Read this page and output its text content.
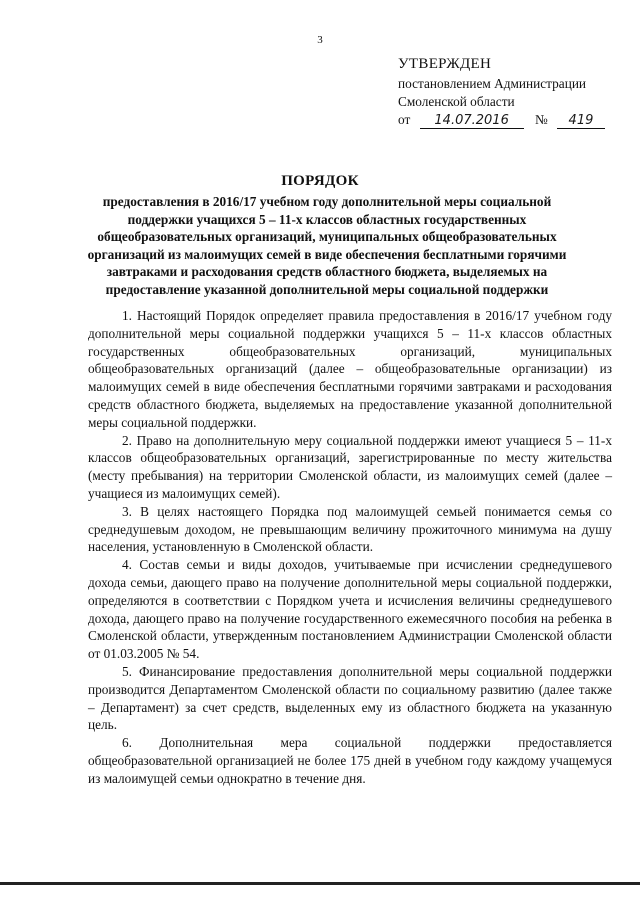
3
УТВЕРЖДЕН
постановлением Администрации
Смоленской области
от 14.07.2016 № 419
ПОРЯДОК
предоставления в 2016/17 учебном году дополнительной меры социальной поддержки учащихся 5 – 11-х классов областных государственных общеобразовательных организаций, муниципальных общеобразовательных организаций из малоимущих семей в виде обеспечения бесплатными горячими завтраками и расходования средств областного бюджета, выделяемых на предоставление указанной дополнительной меры социальной поддержки

1. Настоящий Порядок определяет правила предоставления в 2016/17 учебном году дополнительной меры социальной поддержки учащихся 5 – 11-х классов областных государственных общеобразовательных организаций, муниципальных общеобразовательных организаций (далее – общеобразовательные организации) из малоимущих семей в виде обеспечения бесплатными горячими завтраками и расходования средств областного бюджета, выделяемых на предоставление указанной дополнительной меры социальной поддержки.

2. Право на дополнительную меру социальной поддержки имеют учащиеся 5 – 11-х классов общеобразовательных организаций, зарегистрированные по месту жительства (месту пребывания) на территории Смоленской области, из малоимущих семей (далее – учащиеся из малоимущих семей).

3. В целях настоящего Порядка под малоимущей семьей понимается семья со среднедушевым доходом, не превышающим величину прожиточного минимума на душу населения, установленную в Смоленской области.

4. Состав семьи и виды доходов, учитываемые при исчислении среднедушевого дохода семьи, дающего право на получение дополнительной меры социальной поддержки, определяются в соответствии с Порядком учета и исчисления величины среднедушевого дохода, дающего право на получение государственного ежемесячного пособия на ребенка в Смоленской области, утвержденным постановлением Администрации Смоленской области от 01.03.2005 № 54.

5. Финансирование предоставления дополнительной меры социальной поддержки производится Департаментом Смоленской области по социальному развитию (далее также – Департамент) за счет средств, выделенных ему из областного бюджета на указанную цель.

6. Дополнительная мера социальной поддержки предоставляется общеобразовательной организацией не более 175 дней в учебном году каждому учащемуся из малоимущей семьи однократно в течение дня.
